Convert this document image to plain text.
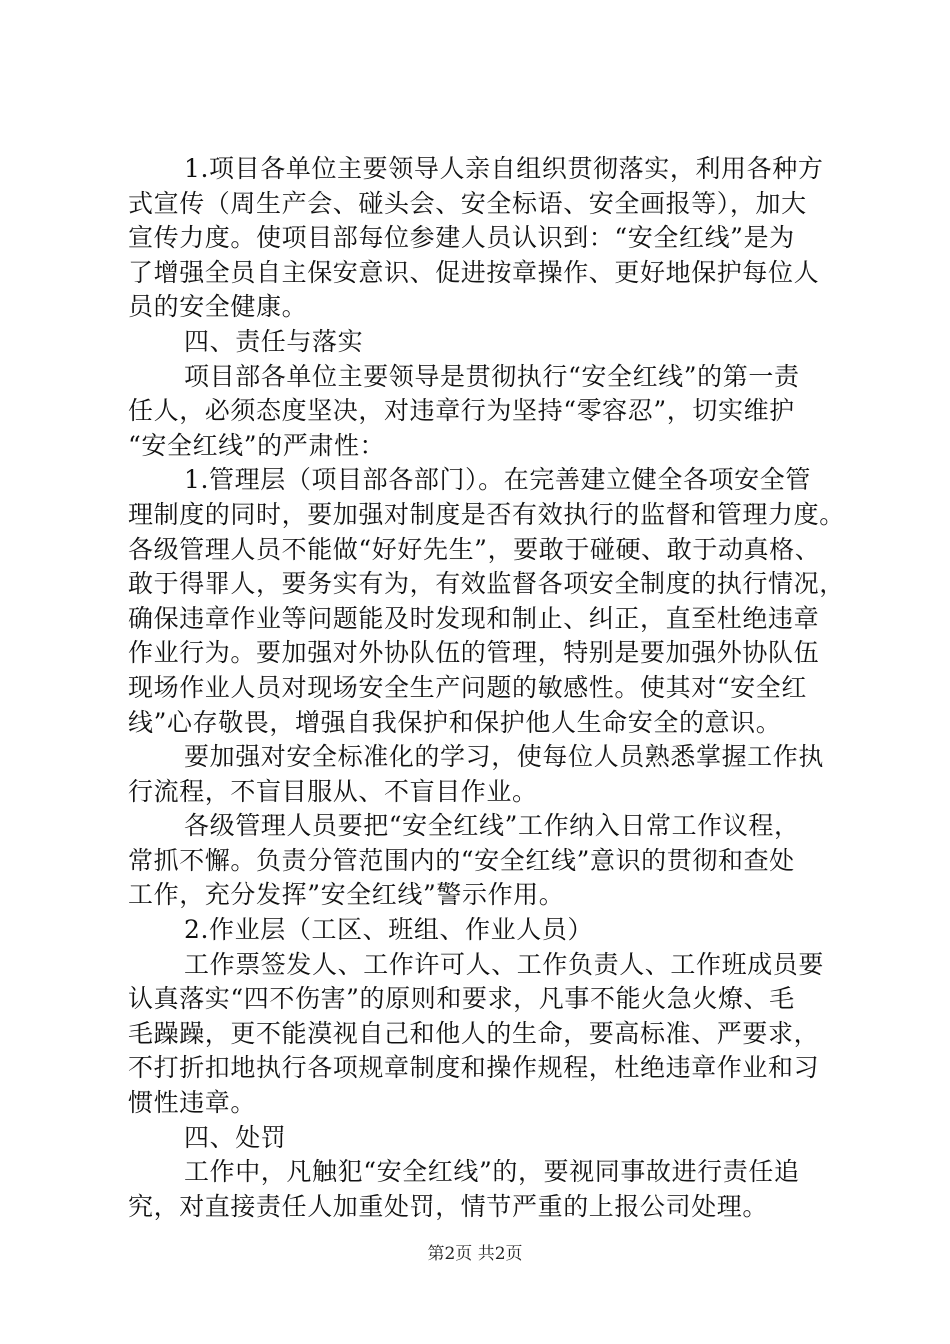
1.项目各单位主要领导人亲自组织贯彻落实，利用各种方
式宣传（周生产会、碰头会、安全标语、安全画报等），加大
宣传力度。使项目部每位参建人员认识到：“安全红线”是为
了增强全员自主保安意识、促进按章操作、更好地保护每位人
员的安全健康。
四、责任与落实
项目部各单位主要领导是贯彻执行“安全红线”的第一责
任人，必须态度坚决，对违章行为坚持“零容忍”，切实维护
“安全红线”的严肃性：
1.管理层（项目部各部门）。在完善建立健全各项安全管
理制度的同时，要加强对制度是否有效执行的监督和管理力度。
各级管理人员不能做“好好先生”，要敢于碰硬、敢于动真格、
敢于得罪人，要务实有为，有效监督各项安全制度的执行情况，
确保违章作业等问题能及时发现和制止、纠正，直至杜绝违章
作业行为。要加强对外协队伍的管理，特别是要加强外协队伍
现场作业人员对现场安全生产问题的敏感性。使其对“安全红
线”心存敬畏，增强自我保护和保护他人生命安全的意识。
要加强对安全标准化的学习，使每位人员熟悉掌握工作执
行流程，不盲目服从、不盲目作业。
各级管理人员要把“安全红线”工作纳入日常工作议程，
常抓不懈。负责分管范围内的“安全红线”意识的贯彻和查处
工作，充分发挥”安全红线”警示作用。
2.作业层（工区、班组、作业人员）
工作票签发人、工作许可人、工作负责人、工作班成员要
认真落实“四不伤害”的原则和要求，凡事不能火急火燎、毛
毛躁躁，更不能漠视自己和他人的生命，要高标准、严要求，
不打折扣地执行各项规章制度和操作规程，杜绝违章作业和习
惯性违章。
四、处罚
工作中，凡触犯“安全红线”的，要视同事故进行责任追
究，对直接责任人加重处罚，情节严重的上报公司处理。
第2页 共2页
